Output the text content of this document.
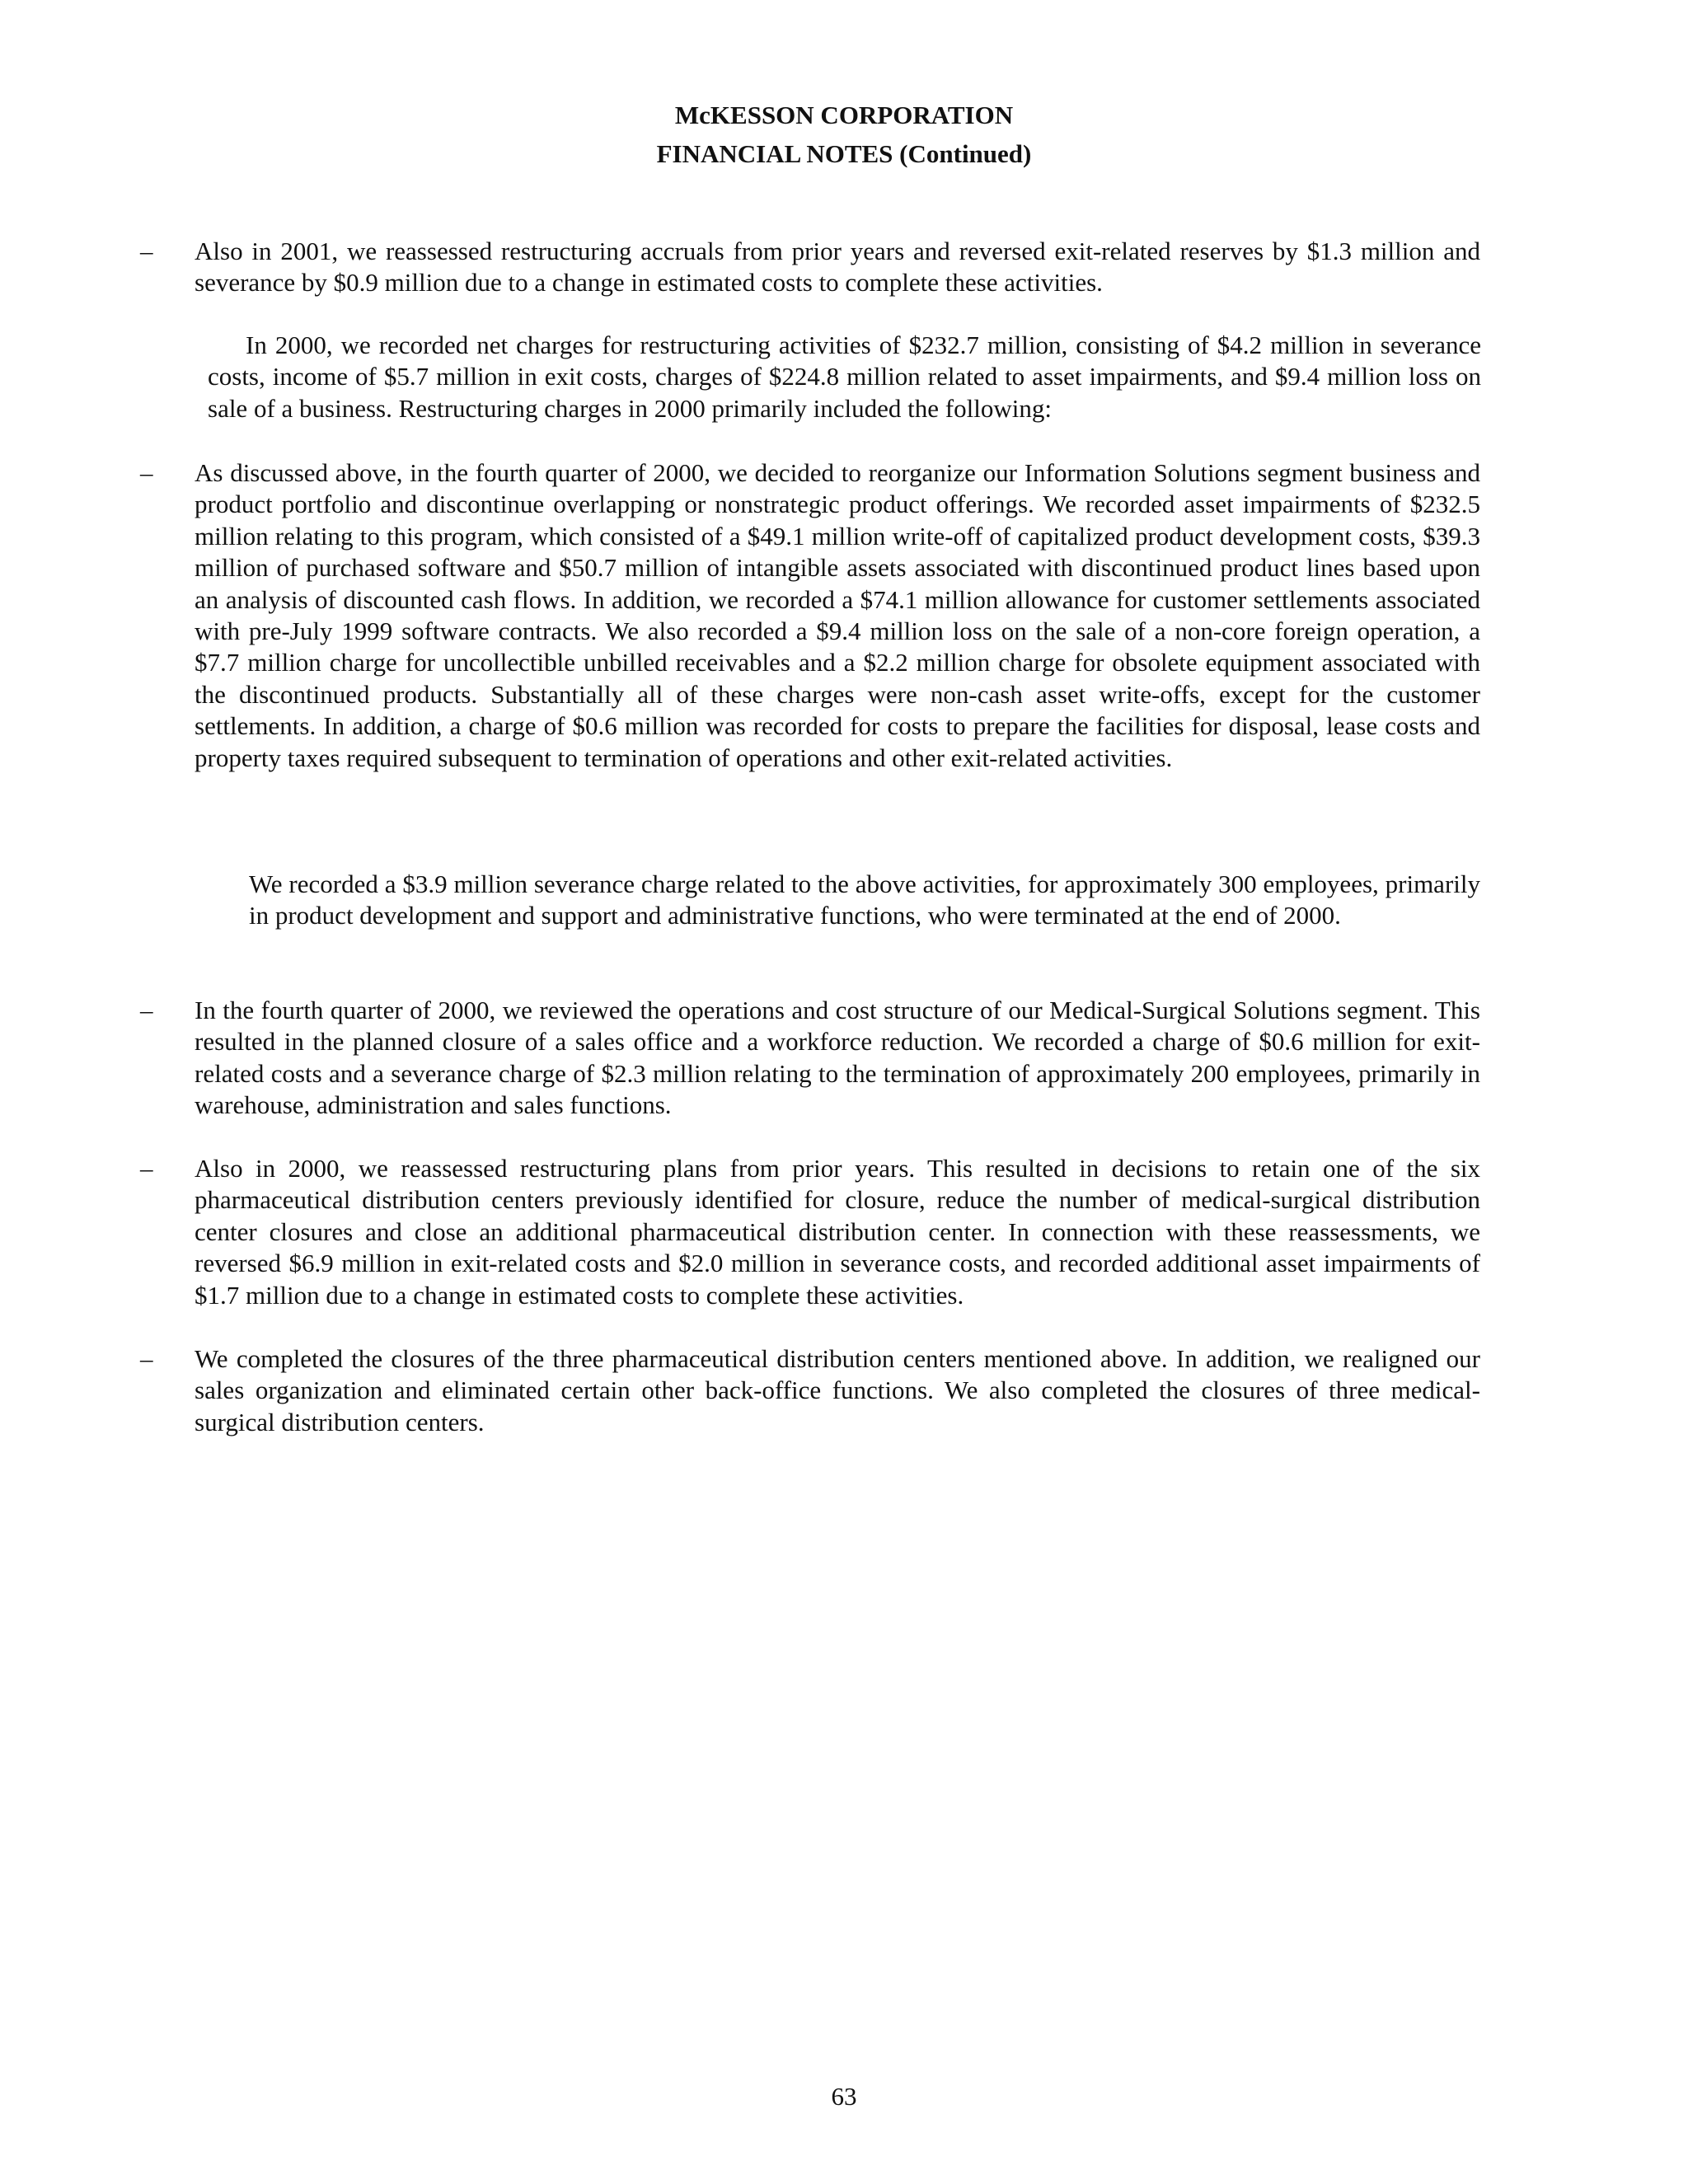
McKESSON CORPORATION
FINANCIAL NOTES (Continued)
–	Also in 2001, we reassessed restructuring accruals from prior years and reversed exit-related reserves by $1.3 million and severance by $0.9 million due to a change in estimated costs to complete these activities.
In 2000, we recorded net charges for restructuring activities of $232.7 million, consisting of $4.2 million in severance costs, income of $5.7 million in exit costs, charges of $224.8 million related to asset impairments, and $9.4 million loss on sale of a business. Restructuring charges in 2000 primarily included the following:
–	As discussed above, in the fourth quarter of 2000, we decided to reorganize our Information Solutions segment business and product portfolio and discontinue overlapping or nonstrategic product offerings. We recorded asset impairments of $232.5 million relating to this program, which consisted of a $49.1 million write-off of capitalized product development costs, $39.3 million of purchased software and $50.7 million of intangible assets associated with discontinued product lines based upon an analysis of discounted cash flows. In addition, we recorded a $74.1 million allowance for customer settlements associated with pre-July 1999 software contracts. We also recorded a $9.4 million loss on the sale of a non-core foreign operation, a $7.7 million charge for uncollectible unbilled receivables and a $2.2 million charge for obsolete equipment associated with the discontinued products. Substantially all of these charges were non-cash asset write-offs, except for the customer settlements. In addition, a charge of $0.6 million was recorded for costs to prepare the facilities for disposal, lease costs and property taxes required subsequent to termination of operations and other exit-related activities.
We recorded a $3.9 million severance charge related to the above activities, for approximately 300 employees, primarily in product development and support and administrative functions, who were terminated at the end of 2000.
–	In the fourth quarter of 2000, we reviewed the operations and cost structure of our Medical-Surgical Solutions segment. This resulted in the planned closure of a sales office and a workforce reduction. We recorded a charge of $0.6 million for exit-related costs and a severance charge of $2.3 million relating to the termination of approximately 200 employees, primarily in warehouse, administration and sales functions.
–	Also in 2000, we reassessed restructuring plans from prior years. This resulted in decisions to retain one of the six pharmaceutical distribution centers previously identified for closure, reduce the number of medical-surgical distribution center closures and close an additional pharmaceutical distribution center. In connection with these reassessments, we reversed $6.9 million in exit-related costs and $2.0 million in severance costs, and recorded additional asset impairments of $1.7 million due to a change in estimated costs to complete these activities.
–	We completed the closures of the three pharmaceutical distribution centers mentioned above. In addition, we realigned our sales organization and eliminated certain other back-office functions. We also completed the closures of three medical-surgical distribution centers.
63
